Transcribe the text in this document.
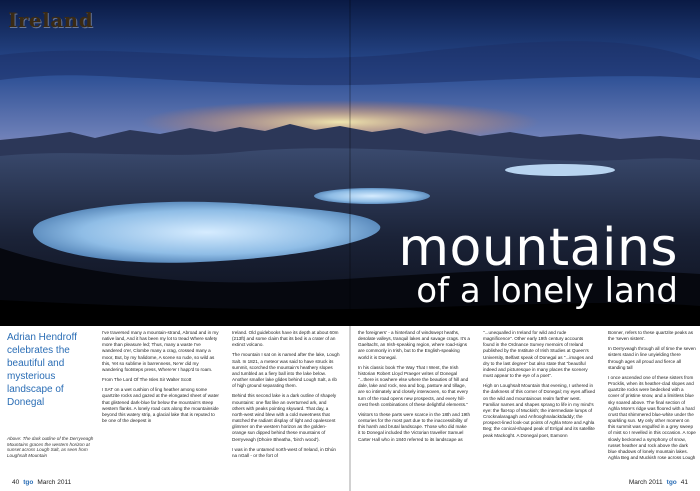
Ireland
mountains
of a lonely land
Adrian Hendroff celebrates the beautiful and mysterious landscape of Donegal
Above: The dark outline of the Derryveagh Mountains graces the western horizon at sunset across Lough Salt, as seen from Loughsalt Mountain

I've traversed many a mountain-strand, Abroad and in my native land, And it has been my lot to tread Where safety more than pleasure led; Thus, many a waste I've wandered o'er, Clombe many a crag, crossed many a moor, But, by my halidome, A scene so rude, so wild as this, Yet so sublime in barrenness, Ne'er did my wandering footsteps press, Where'er I happ'd to roam.

From The Lord Of The Isles Sir Walter Scott

I SAT on a wet cushion of ling heather among some quartzite rocks and gazed at the elongated sheet of water that glistened dark-blue far below the mountain's steep western flanks. A lonely road cuts along the mountainside beyond this watery strip, a glacial lake that is reputed to be one of the deepest in

Ireland. Old guidebooks have its depth at about 60m (213ft) and some claim that its bed is a crater of an extinct volcano.

The mountain I sat on is named after the lake, Lough Salt. In 1821, a meteor was said to have struck its summit, scorched the mountain's heathery slopes and tumbled as a fiery ball into the lake below. Another smaller lake glides behind Lough Salt, a rib of high ground separating them.

Behind this second lake is a dark outline of shapely mountains: one flat like an overturned ark, and others with peaks pointing skyward. That day, a north-west wind blew with a cold sweetness that matched the radiant display of light and opalescent glimmer on the western horizon as the golden-orange sun dipped behind these mountains of Derryveagh (Dhoire Bheatha, 'birch wood').

I was in the untamed north-west of Ireland, in Dhún na nGall - or the fort of

the foreigners' - a hinterland of windswept heaths, desolate valleys, tranquil lakes and savage crags. It's a Gaeltacht, an Irish-speaking region, where road-signs are commonly in Irish, but to the English-speaking world it is Donegal.

In his classic book The Way That I Went, the Irish historian Robert Lloyd Praeger writes of Donegal "...there is nowhere else where the beauties of hill and dale, lake and rock, sea and bog, pasture and tillage, are so intimately and closely interwoven, so that every turn of the road opens new prospects, and every hill-crest fresh combinations of these delightful elements."

Visitors to these parts were scarce in the 18th and 19th centuries for the most part due to the inaccessibility of this harsh and brutal landscape. Those who did make it to Donegal included the Victorian traveller Samuel Carter Hall who in 1840 referred to its landscape as

"...unequalled in Ireland for wild and rude magnificence". Other early 19th century accounts found in the Ordnance Survey memoirs of Ireland published by the Institute of Irish Studies at Queen's University, Belfast speak of Donegal as "...images and dry to the last degree" but also state that "beautiful indeed and picturesque in many places the scenery must appear to the eye of a poet".

High on Loughsalt Mountain that evening, I ushered in the darkness of this corner of Donegal; my eyes affixed on the wild and mountainous realm farther west. Familiar names and shapes sprang to life in my mind's eye: the flat-top of Muckish; the intermediate lumps of Crocknalaragagh and Anfrooghnalacktdaddy; the prospect-lined look-out points of Aghla More and Aghla Beg; the conical-shaped peak of Errigal and its satellite peak Mackoght. A Donegal poet, Eamonn

Bonner, refers to these quartzite peaks as the 'seven sisters'.

In Derryveagh through all of time the seven sisters stand in line unyielding there through ages all proud and fierce all standing tall

I once ascended one of these sisters from Procklis, when its heather-clad slopes and quartzite rocks were bedecked with a cover of pristine snow, and a limitless blue sky soared above. The final section of Aghla More's ridge was floored with a hard crust that shimmered blue-white under the sparkling sun. My only other moment on this summit was engulfed in a grey sweep of mist so I revelled in this occasion. A rope slowly beckoned a symphony of snow, russet heather and rock above the dark blue shadows of lonely mountain lakes. Aghla Beg and Muckish rose across Lough

40 tgo March 2011	March 2011 tgo 41
